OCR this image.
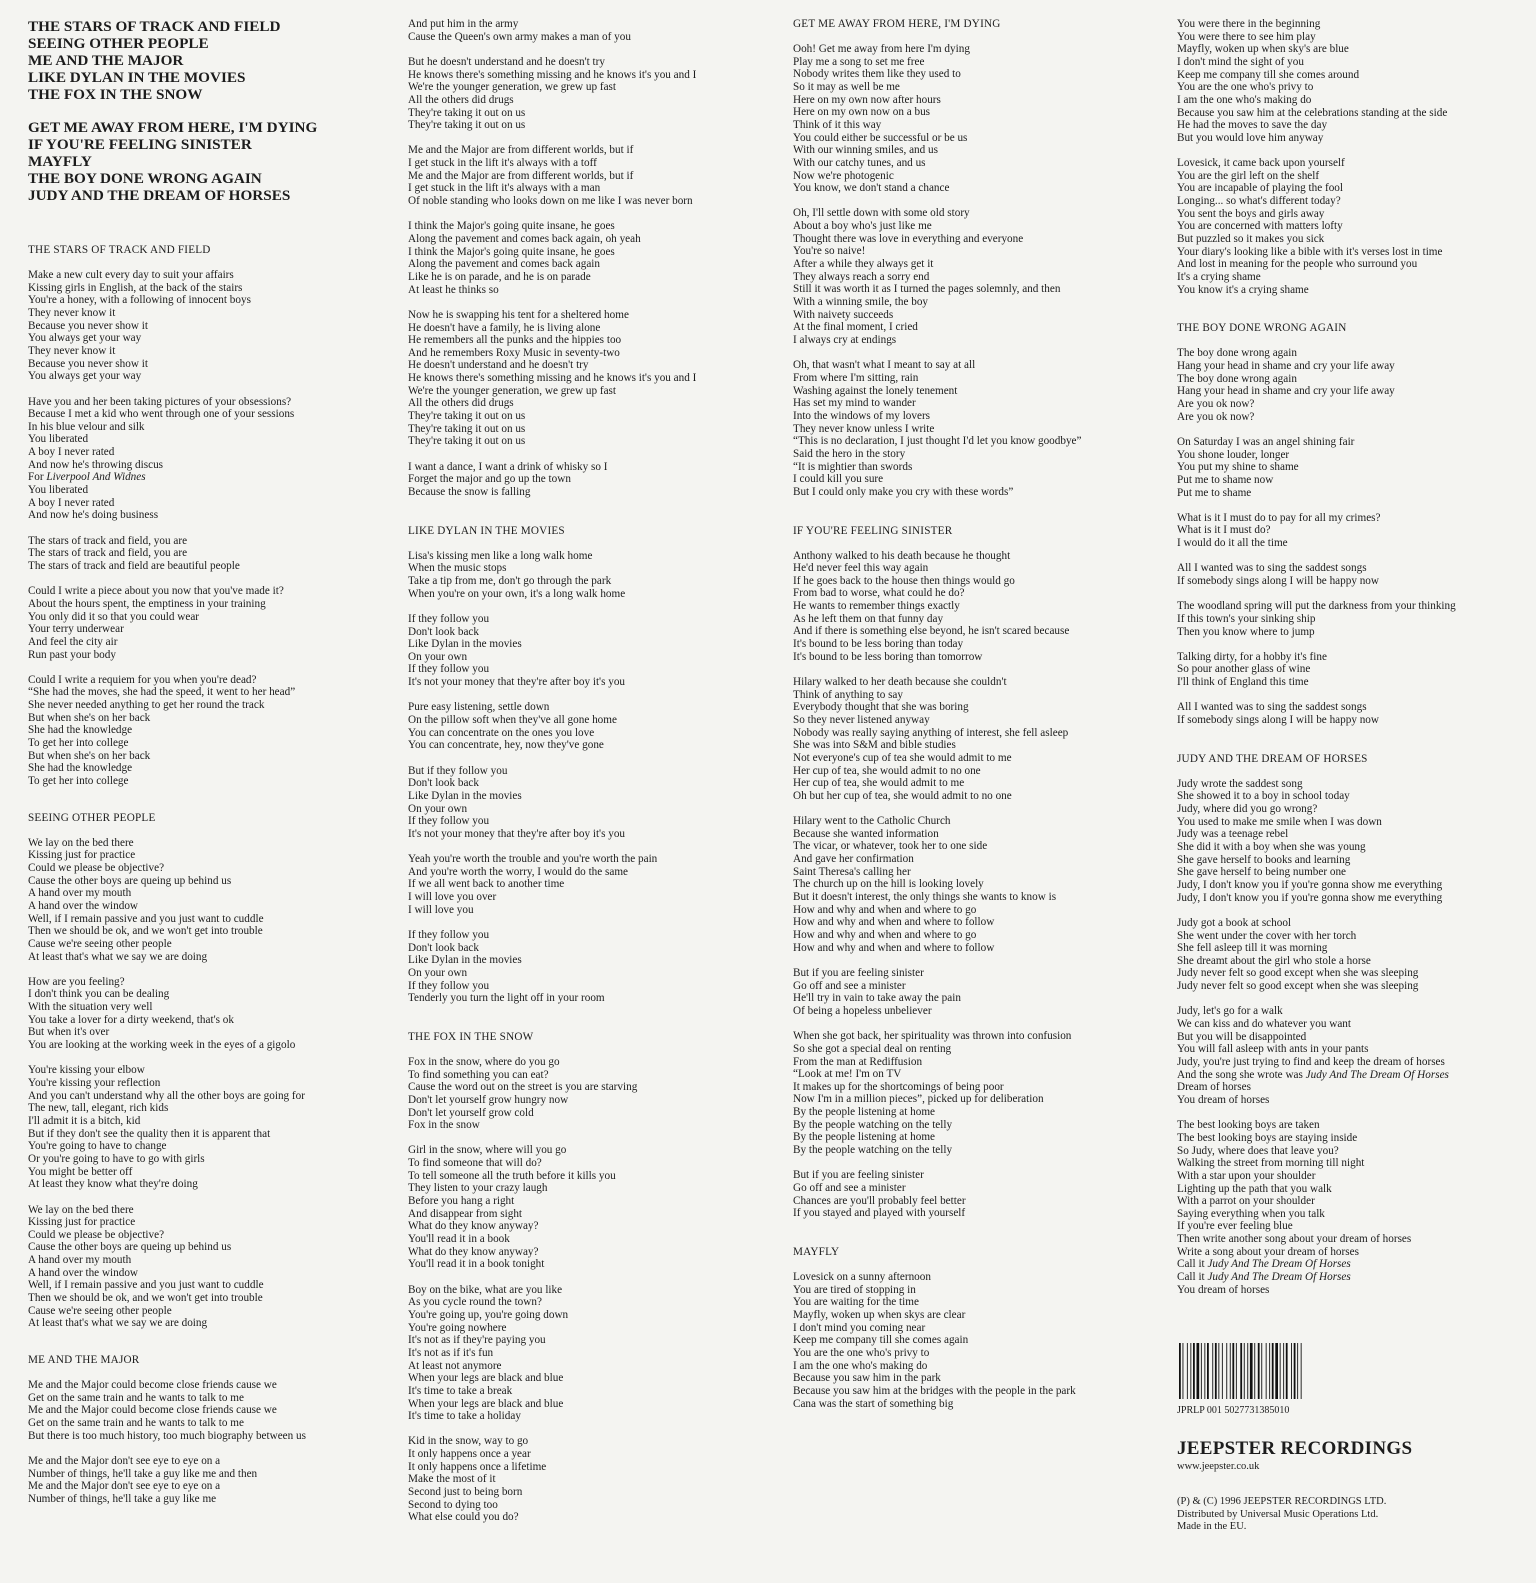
THE STARS OF TRACK AND FIELD
SEEING OTHER PEOPLE
ME AND THE MAJOR
LIKE DYLAN IN THE MOVIES
THE FOX IN THE SNOW
GET ME AWAY FROM HERE, I'M DYING
IF YOU'RE FEELING SINISTER
MAYFLY
THE BOY DONE WRONG AGAIN
JUDY AND THE DREAM OF HORSES
THE STARS OF TRACK AND FIELD
Make a new cult every day to suit your affairs
Kissing girls in English, at the back of the stairs
You're a honey, with a following of innocent boys
They never know it
Because you never show it
You always get your way
They never know it
Because you never show it
You always get your way
Have you and her been taking pictures of your obsessions?
Because I met a kid who went through one of your sessions
In his blue velour and silk
You liberated
A boy I never rated
And now he's throwing discus
For Liverpool And Widnes
You liberated
A boy I never rated
And now he's doing business
The stars of track and field, you are
The stars of track and field, you are
The stars of track and field are beautiful people
Could I write a piece about you now that you've made it?
About the hours spent, the emptiness in your training
You only did it so that you could wear
Your terry underwear
And feel the city air
Run past your body
Could I write a requiem for you when you're dead?
“She had the moves, she had the speed, it went to her head”
She never needed anything to get her round the track
But when she's on her back
She had the knowledge
To get her into college
But when she's on her back
She had the knowledge
To get her into college
SEEING OTHER PEOPLE
We lay on the bed there
Kissing just for practice
Could we please be objective?
Cause the other boys are queing up behind us
A hand over my mouth
A hand over the window
Well, if I remain passive and you just want to cuddle
Then we should be ok, and we won't get into trouble
Cause we're seeing other people
At least that's what we say we are doing
How are you feeling?
I don't think you can be dealing
With the situation very well
You take a lover for a dirty weekend, that's ok
But when it's over
You are looking at the working week in the eyes of a gigolo
You're kissing your elbow
You're kissing your reflection
And you can't understand why all the other boys are going for
The new, tall, elegant, rich kids
I'll admit it is a bitch, kid
But if they don't see the quality then it is apparent that
You're going to have to change
Or you're going to have to go with girls
You might be better off
At least they know what they're doing
We lay on the bed there
Kissing just for practice
Could we please be objective?
Cause the other boys are queing up behind us
A hand over my mouth
A hand over the window
Well, if I remain passive and you just want to cuddle
Then we should be ok, and we won't get into trouble
Cause we're seeing other people
At least that's what we say we are doing
ME AND THE MAJOR
Me and the Major could become close friends cause we
Get on the same train and he wants to talk to me
Me and the Major could become close friends cause we
Get on the same train and he wants to talk to me
But there is too much history, too much biography between us
Me and the Major don't see eye to eye on a
Number of things, he'll take a guy like me and then
Me and the Major don't see eye to eye on a
Number of things, he'll take a guy like me
And put him in the army
Cause the Queen's own army makes a man of you
But he doesn't understand and he doesn't try
He knows there's something missing and he knows it's you and I
We're the younger generation, we grew up fast
All the others did drugs
They're taking it out on us
They're taking it out on us
Me and the Major are from different worlds, but if
I get stuck in the lift it's always with a toff
Me and the Major are from different worlds, but if
I get stuck in the lift it's always with a man
Of noble standing who looks down on me like I was never born
I think the Major's going quite insane, he goes
Along the pavement and comes back again, oh yeah
I think the Major's going quite insane, he goes
Along the pavement and comes back again
Like he is on parade, and he is on parade
At least he thinks so
Now he is swapping his tent for a sheltered home
He doesn't have a family, he is living alone
He remembers all the punks and the hippies too
And he remembers Roxy Music in seventy-two
He doesn't understand and he doesn't try
He knows there's something missing and he knows it's you and I
We're the younger generation, we grew up fast
All the others did drugs
They're taking it out on us
They're taking it out on us
They're taking it out on us
I want a dance, I want a drink of whisky so I
Forget the major and go up the town
Because the snow is falling
LIKE DYLAN IN THE MOVIES
Lisa's kissing men like a long walk home
When the music stops
Take a tip from me, don't go through the park
When you're on your own, it's a long walk home
If they follow you
Don't look back
Like Dylan in the movies
On your own
If they follow you
It's not your money that they're after boy it's you
Pure easy listening, settle down
On the pillow soft when they've all gone home
You can concentrate on the ones you love
You can concentrate, hey, now they've gone
But if they follow you
Don't look back
Like Dylan in the movies
On your own
If they follow you
It's not your money that they're after boy it's you
Yeah you're worth the trouble and you're worth the pain
And you're worth the worry, I would do the same
If we all went back to another time
I will love you over
I will love you
If they follow you
Don't look back
Like Dylan in the movies
On your own
If they follow you
Tenderly you turn the light off in your room
THE FOX IN THE SNOW
Fox in the snow, where do you go
To find something you can eat?
Cause the word out on the street is you are starving
Don't let yourself grow hungry now
Don't let yourself grow cold
Fox in the snow
Girl in the snow, where will you go
To find someone that will do?
To tell someone all the truth before it kills you
They listen to your crazy laugh
Before you hang a right
And disappear from sight
What do they know anyway?
You'll read it in a book
What do they know anyway?
You'll read it in a book tonight
Boy on the bike, what are you like
As you cycle round the town?
You're going up, you're going down
You're going nowhere
It's not as if they're paying you
It's not as if it's fun
At least not anymore
When your legs are black and blue
It's time to take a break
When your legs are black and blue
It's time to take a holiday
Kid in the snow, way to go
It only happens once a year
It only happens once a lifetime
Make the most of it
Second just to being born
Second to dying too
What else could you do?
GET ME AWAY FROM HERE, I'M DYING
Ooh! Get me away from here I'm dying
Play me a song to set me free
Nobody writes them like they used to
So it may as well be me
Here on my own now after hours
Here on my own now on a bus
Think of it this way
You could either be successful or be us
With our winning smiles, and us
With our catchy tunes, and us
Now we're photogenic
You know, we don't stand a chance
Oh, I'll settle down with some old story
About a boy who's just like me
Thought there was love in everything and everyone
You're so naive!
After a while they always get it
They always reach a sorry end
Still it was worth it as I turned the pages solemnly, and then
With a winning smile, the boy
With naivety succeeds
At the final moment, I cried
I always cry at endings
Oh, that wasn't what I meant to say at all
From where I'm sitting, rain
Washing against the lonely tenement
Has set my mind to wander
Into the windows of my lovers
They never know unless I write
“This is no declaration, I just thought I'd let you know goodbye”
Said the hero in the story
“It is mightier than swords
I could kill you sure
But I could only make you cry with these words”
IF YOU'RE FEELING SINISTER
Anthony walked to his death because he thought
He'd never feel this way again
If he goes back to the house then things would go
From bad to worse, what could he do?
He wants to remember things exactly
As he left them on that funny day
And if there is something else beyond, he isn't scared because
It's bound to be less boring than today
It's bound to be less boring than tomorrow
Hilary walked to her death because she couldn't
Think of anything to say
Everybody thought that she was boring
So they never listened anyway
Nobody was really saying anything of interest, she fell asleep
She was into S&M and bible studies
Not everyone's cup of tea she would admit to me
Her cup of tea, she would admit to no one
Her cup of tea, she would admit to me
Oh but her cup of tea, she would admit to no one
Hilary went to the Catholic Church
Because she wanted information
The vicar, or whatever, took her to one side
And gave her confirmation
Saint Theresa's calling her
The church up on the hill is looking lovely
But it doesn't interest, the only things she wants to know is
How and why and when and where to go
How and why and when and where to follow
How and why and when and where to go
How and why and when and where to follow
But if you are feeling sinister
Go off and see a minister
He'll try in vain to take away the pain
Of being a hopeless unbeliever
When she got back, her spirituality was thrown into confusion
So she got a special deal on renting
From the man at Rediffusion
“Look at me! I'm on TV
It makes up for the shortcomings of being poor
Now I'm in a million pieces”, picked up for deliberation
By the people listening at home
By the people watching on the telly
By the people listening at home
By the people watching on the telly
But if you are feeling sinister
Go off and see a minister
Chances are you'll probably feel better
If you stayed and played with yourself
MAYFLY
Lovesick on a sunny afternoon
You are tired of stopping in
You are waiting for the time
Mayfly, woken up when skys are clear
I don't mind you coming near
Keep me company till she comes again
You are the one who's privy to
I am the one who's making do
Because you saw him in the park
Because you saw him at the bridges with the people in the park
Cana was the start of something big
You were there in the beginning
You were there to see him play
Mayfly, woken up when sky's are blue
I don't mind the sight of you
Keep me company till she comes around
You are the one who's privy to
I am the one who's making do
Because you saw him at the celebrations standing at the side
He had the moves to save the day
But you would love him anyway
Lovesick, it came back upon yourself
You are the girl left on the shelf
You are incapable of playing the fool
Longing... so what's different today?
You sent the boys and girls away
You are concerned with matters lofty
But puzzled so it makes you sick
Your diary's looking like a bible with it's verses lost in time
And lost in meaning for the people who surround you
It's a crying shame
You know it's a crying shame
THE BOY DONE WRONG AGAIN
The boy done wrong again
Hang your head in shame and cry your life away
The boy done wrong again
Hang your head in shame and cry your life away
Are you ok now?
Are you ok now?
On Saturday I was an angel shining fair
You shone louder, longer
You put my shine to shame
Put me to shame now
Put me to shame
What is it I must do to pay for all my crimes?
What is it I must do?
I would do it all the time
All I wanted was to sing the saddest songs
If somebody sings along I will be happy now
The woodland spring will put the darkness from your thinking
If this town's your sinking ship
Then you know where to jump
Talking dirty, for a hobby it's fine
So pour another glass of wine
I'll think of England this time
All I wanted was to sing the saddest songs
If somebody sings along I will be happy now
JUDY AND THE DREAM OF HORSES
Judy wrote the saddest song
She showed it to a boy in school today
Judy, where did you go wrong?
You used to make me smile when I was down
Judy was a teenage rebel
She did it with a boy when she was young
She gave herself to books and learning
She gave herself to being number one
Judy, I don't know you if you're gonna show me everything
Judy, I don't know you if you're gonna show me everything
Judy got a book at school
She went under the cover with her torch
She fell asleep till it was morning
She dreamt about the girl who stole a horse
Judy never felt so good except when she was sleeping
Judy never felt so good except when she was sleeping
Judy, let's go for a walk
We can kiss and do whatever you want
But you will be disappointed
You will fall asleep with ants in your pants
Judy, you're just trying to find and keep the dream of horses
And the song she wrote was Judy And The Dream Of Horses
Dream of horses
You dream of horses
The best looking boys are taken
The best looking boys are staying inside
So Judy, where does that leave you?
Walking the street from morning till night
With a star upon your shoulder
Lighting up the path that you walk
With a parrot on your shoulder
Saying everything when you talk
If you're ever feeling blue
Then write another song about your dream of horses
Write a song about your dream of horses
Call it Judy And The Dream Of Horses
Call it Judy And The Dream Of Horses
You dream of horses
JPRLP 001 5027731385010
JEEPSTER RECORDINGS
www.jeepster.co.uk
(P) & (C) 1996 JEEPSTER RECORDINGS LTD.
Distributed by Universal Music Operations Ltd.
Made in the EU.
